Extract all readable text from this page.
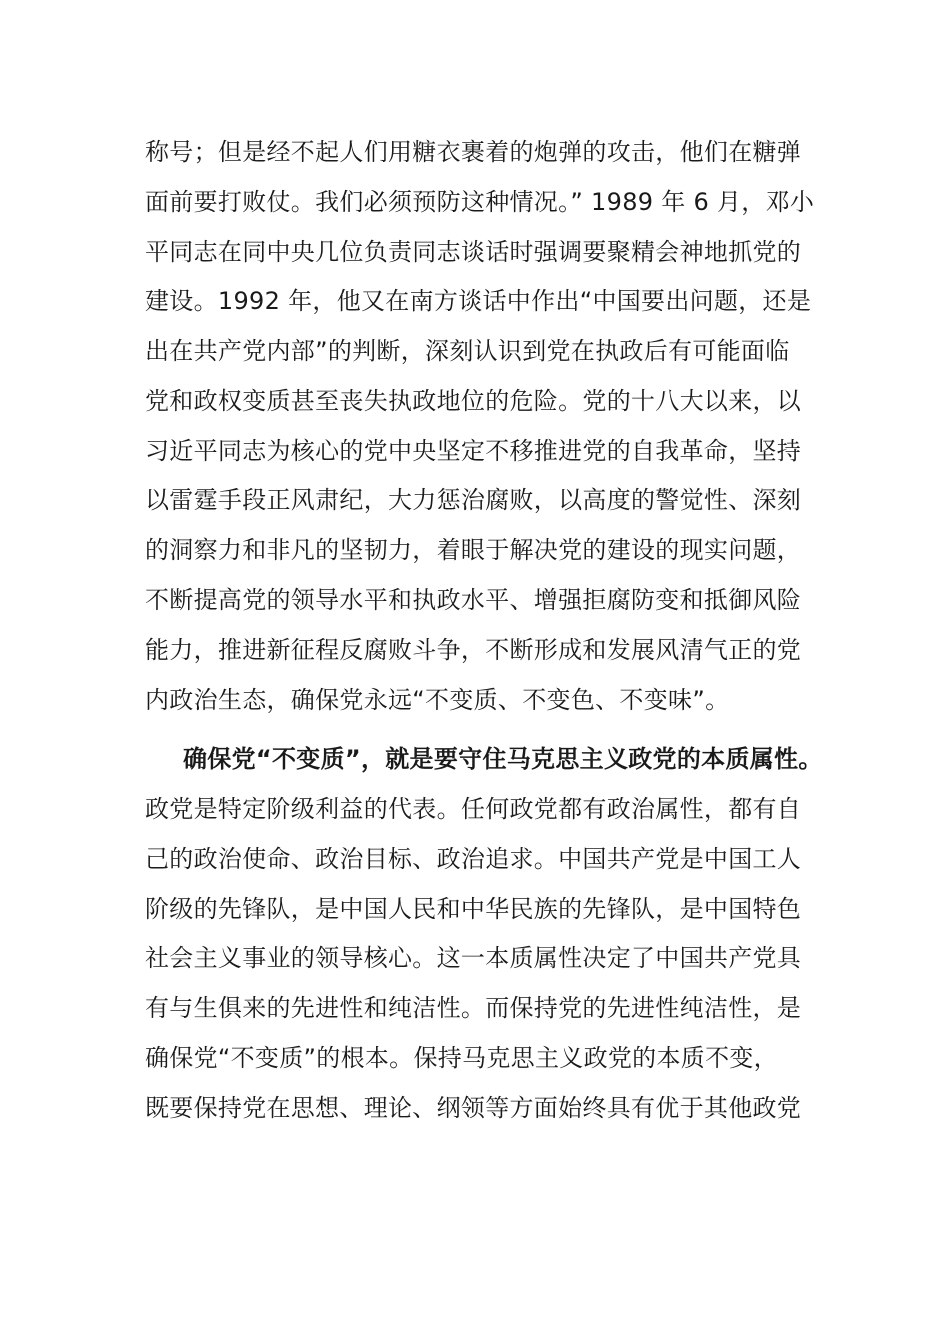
称号；但是经不起人们用糖衣裹着的炮弹的攻击，他们在糖弹
面前要打败仗。我们必须预防这种情况。” 1989 年 6 月，邓小
平同志在同中央几位负责同志谈话时强调要聚精会神地抓党的
建设。1992 年，他又在南方谈话中作出“中国要出问题，还是
出在共产党内部”的判断，深刻认识到党在执政后有可能面临
党和政权变质甚至丧失执政地位的危险。党的十八大以来，以
习近平同志为核心的党中央坚定不移推进党的自我革命，坚持
以雷霆手段正风肃纪，大力惩治腐败，以高度的警觉性、深刻
的洞察力和非凡的坚韧力，着眼于解决党的建设的现实问题，
不断提高党的领导水平和执政水平、增强拒腐防变和抵御风险
能力，推进新征程反腐败斗争，不断形成和发展风清气正的党
内政治生态，确保党永远“不变质、不变色、不变味”。
确保党“不变质”，就是要守住马克思主义政党的本质属性。
政党是特定阶级利益的代表。任何政党都有政治属性，都有自
己的政治使命、政治目标、政治追求。中国共产党是中国工人
阶级的先锋队，是中国人民和中华民族的先锋队，是中国特色
社会主义事业的领导核心。这一本质属性决定了中国共产党具
有与生俱来的先进性和纯洁性。而保持党的先进性纯洁性，是
确保党“不变质”的根本。保持马克思主义政党的本质不变，
既要保持党在思想、理论、纲领等方面始终具有优于其他政党
